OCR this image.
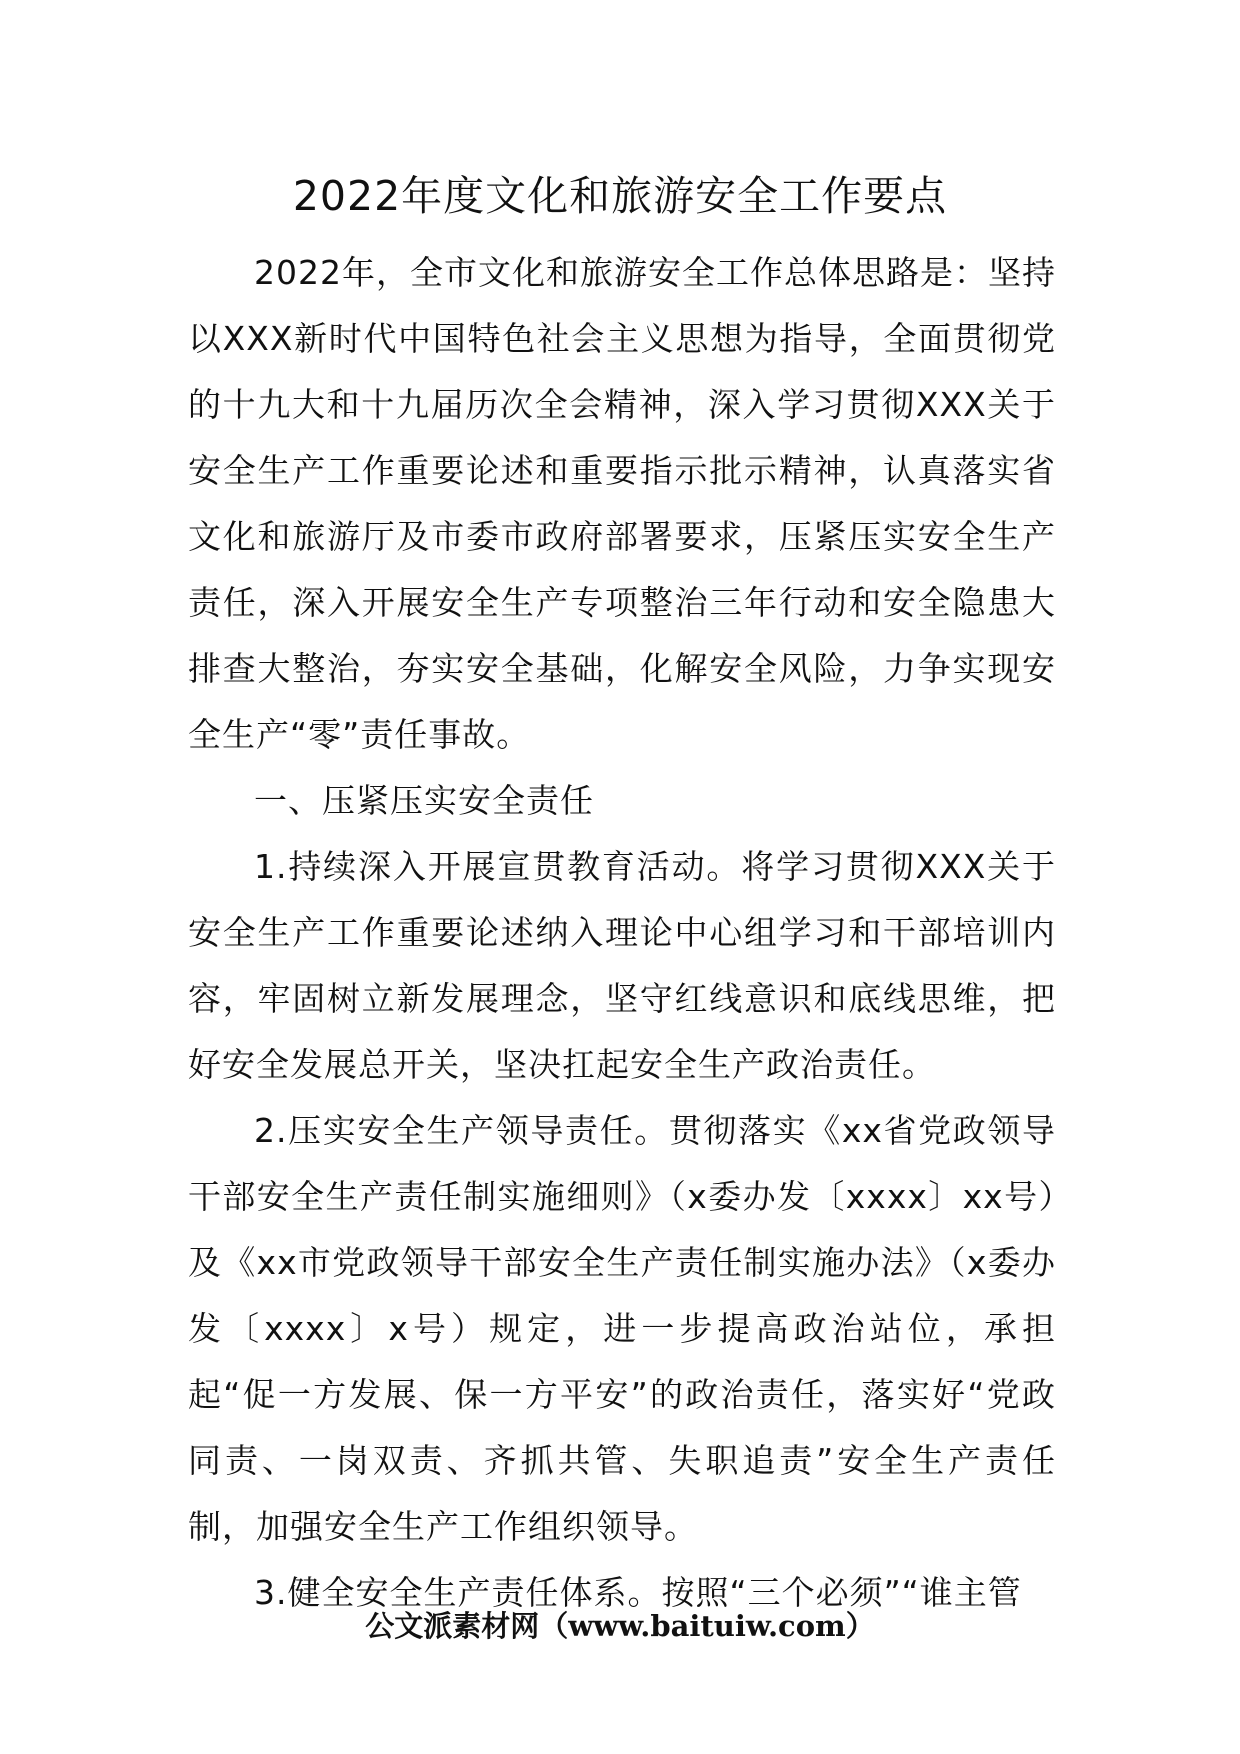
2022年度文化和旅游安全工作要点

2022年，全市文化和旅游安全工作总体思路是：坚持以XXX新时代中国特色社会主义思想为指导，全面贯彻党的十九大和十九届历次全会精神，深入学习贯彻XXX关于安全生产工作重要论述和重要指示批示精神，认真落实省文化和旅游厅及市委市政府部署要求，压紧压实安全生产责任，深入开展安全生产专项整治三年行动和安全隐患大排查大整治，夯实安全基础，化解安全风险，力争实现安全生产“零”责任事故。

一、压紧压实安全责任

1.持续深入开展宣贯教育活动。将学习贯彻XXX关于安全生产工作重要论述纳入理论中心组学习和干部培训内容，牢固树立新发展理念，坚守红线意识和底线思维，把好安全发展总开关，坚决扛起安全生产政治责任。

2.压实安全生产领导责任。贯彻落实《xx省党政领导干部安全生产责任制实施细则》（x委办发〔xxxx〕xx号）及《xx市党政领导干部安全生产责任制实施办法》（x委办发〔xxxx〕x号）规定，进一步提高政治站位，承担起“促一方发展、保一方平安”的政治责任，落实好“党政同责、一岗双责、齐抓共管、失职追责”安全生产责任制，加强安全生产工作组织领导。

3.健全安全生产责任体系。按照“三个必须”“谁主管

公文派素材网（www.baituiw.com）
